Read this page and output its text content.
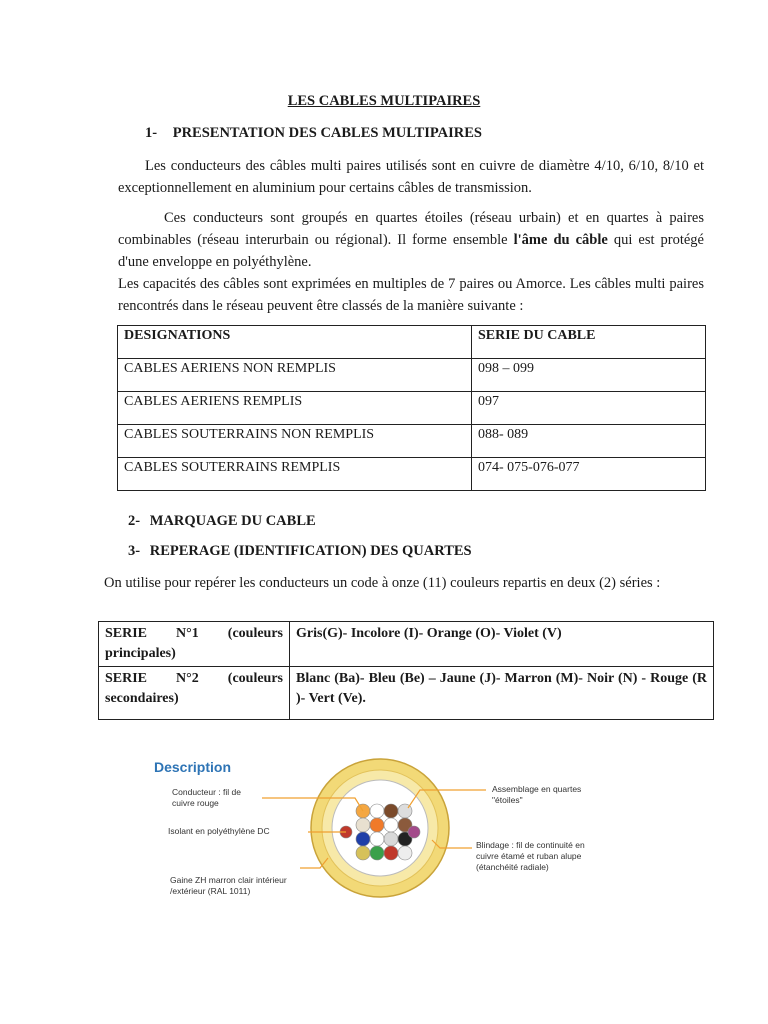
LES CABLES MULTIPAIRES
1- PRESENTATION DES CABLES MULTIPAIRES
Les conducteurs des câbles multi paires utilisés sont en cuivre de diamètre 4/10, 6/10, 8/10 et exceptionnellement en aluminium pour certains câbles de transmission.
Ces conducteurs sont groupés en quartes étoiles (réseau urbain) et en quartes à paires combinables (réseau interurbain ou régional). Il forme ensemble l'âme du câble qui est protégé d'une enveloppe en polyéthylène.
Les capacités des câbles sont exprimées en multiples de 7 paires ou Amorce. Les câbles multi paires rencontrés dans le réseau peuvent être classés de la manière suivante :
DESIGNATIONS	SERIE DU CABLE
CABLES AERIENS NON REMPLIS	098 – 099
CABLES AERIENS REMPLIS	097
CABLES SOUTERRAINS NON REMPLIS	088- 089
CABLES SOUTERRAINS REMPLIS	074- 075-076-077
2- MARQUAGE DU CABLE
3- REPERAGE (IDENTIFICATION) DES QUARTES
On utilise pour repérer les conducteurs un code à onze (11) couleurs repartis en deux (2) séries :
SERIE N°1 (couleurs principales)	Gris(G)- Incolore (I)- Orange (O)- Violet (V)
SERIE N°2 (couleurs secondaires)	Blanc (Ba)- Bleu (Be) – Jaune (J)- Marron (M)- Noir (N) - Rouge (R )- Vert (Ve).
Description
Conducteur : fil de cuivre rouge
Isolant en polyéthylène DC
Gaine ZH marron clair intérieur /extérieur (RAL 1011)
Assemblage en quartes "étoiles"
Blindage : fil de continuité en cuivre étamé et ruban alupe (étanchéité radiale)
